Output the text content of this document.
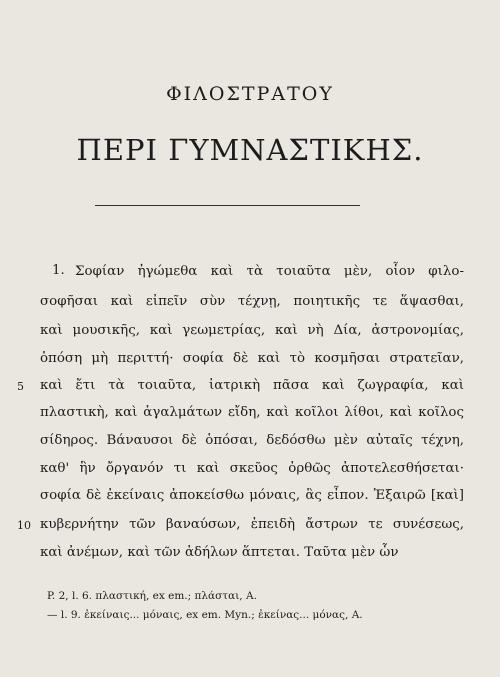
ΦΙΛΟΣΤΡΑΤΟΥ
ΠΕΡΙ ΓΥΜΝΑΣΤΙΚΗΣ.
1. Σοφίαν ἡγώμεθα καὶ τὰ τοιαῦτα μὲν, οἷον φιλο-
σοφῆσαι καὶ εἰπεῖν σὺν τέχνῃ, ποιητικῆς τε ἅψασθαι,
καὶ μουσικῆς, καὶ γεωμετρίας, καὶ νὴ Δία, ἀστρονομίας,
ὁπόση μὴ περιττή· σοφία δὲ καὶ τὸ κοσμῆσαι στρατεῖαν,
καὶ ἔτι τὰ τοιαῦτα, ἰατρικὴ πᾶσα καὶ ζωγραφία, καὶ
πλαστικὴ, καὶ ἀγαλμάτων εἴδη, καὶ κοῖλοι λίθοι, καὶ κοῖλος
σίδηρος. Βάναυσοι δὲ ὁπόσαι, δεδόσθω μὲν αὐταῖς τέχνη,
καθ' ἣν ὄργανόν τι καὶ σκεῦος ὀρθῶς ἀποτελεσθήσεται·
σοφία δὲ ἐκείναις ἀποκείσθω μόναις, ἃς εἶπον. Ἐξαιρῶ [καὶ]
κυβερνήτην τῶν βαναύσων, ἐπειδὴ ἄστρων τε συνέσεως,
καὶ ἀνέμων, καὶ τῶν ἀδήλων ἅπτεται. Ταῦτα μὲν ὧν
5
10
P. 2, l. 6. πλαστική, ex em.; πλάσται, A.
— l. 9. ἐκείναις... μόναις, ex em. Myn.; ἐκείνας... μόνας, A.
